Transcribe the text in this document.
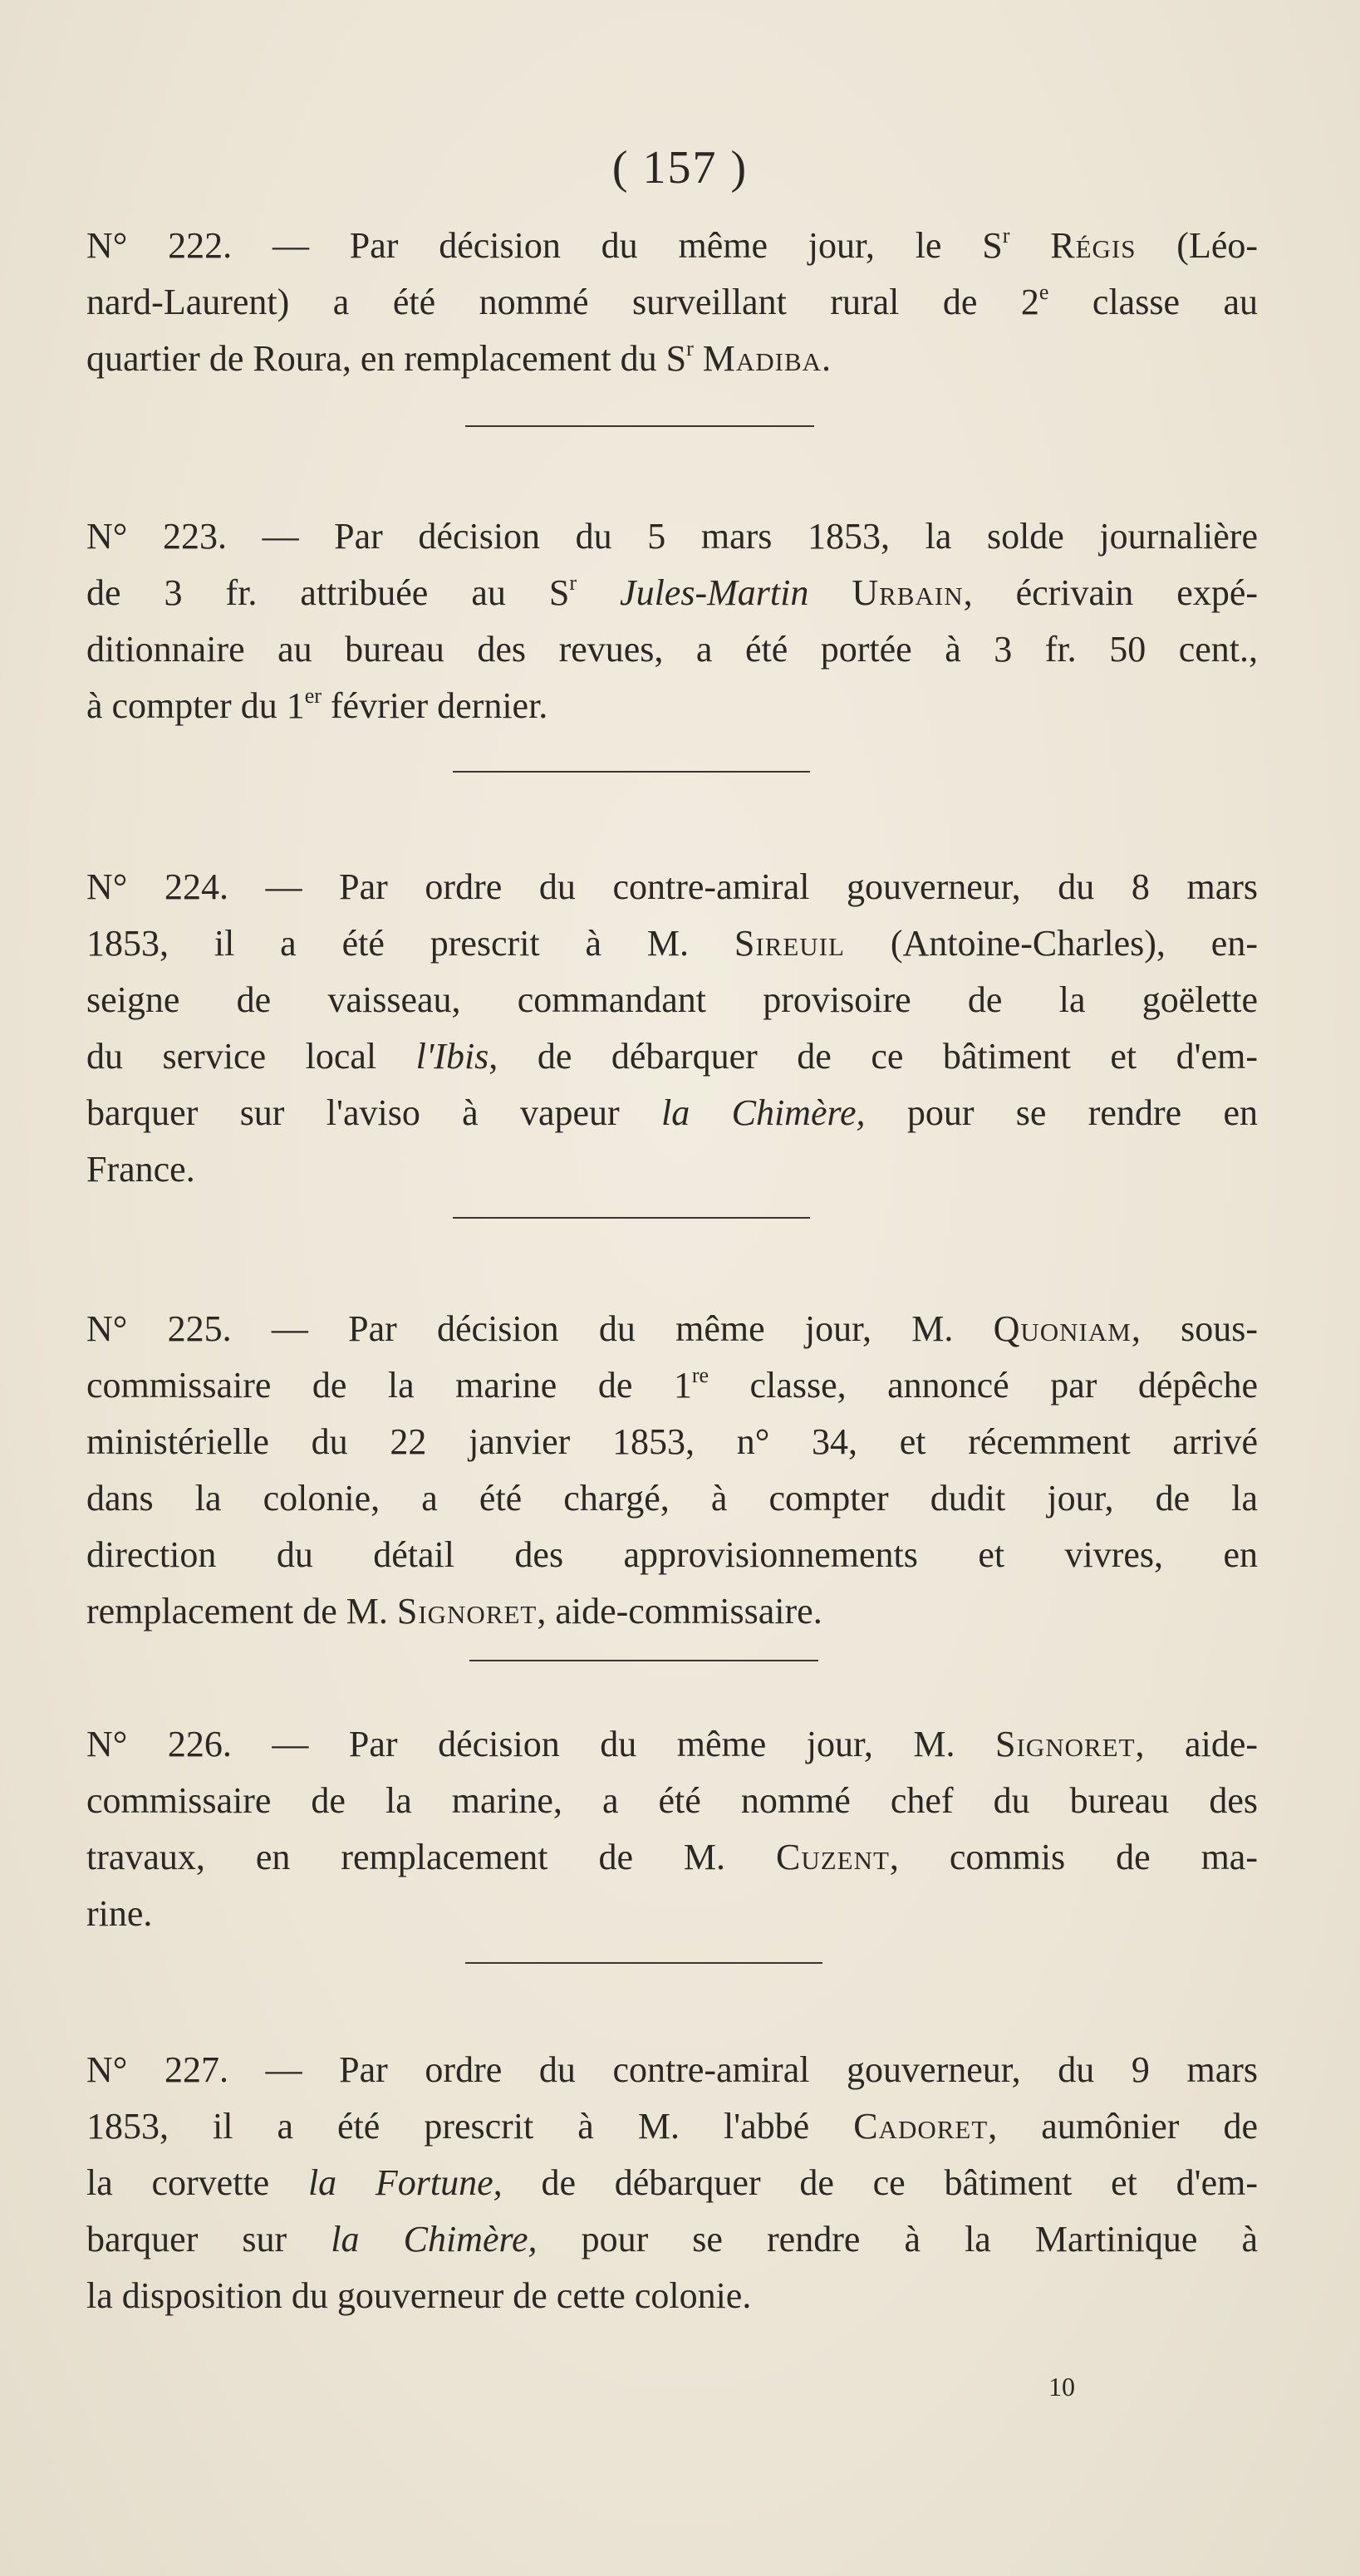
( 157 )
N° 222. — Par décision du même jour, le $S^r$ Régis (Léo-
nard-Laurent) a été nommé surveillant rural de 2e classe au
quartier de Roura, en remplacement du $S^r$ Madiba.
N° 223. — Par décision du 5 mars 1853, la solde journalière
de 3 fr. attribuée au $S^r$ Jules-Martin Urbain, écrivain expé-
ditionnaire au bureau des revues, a été portée à 3 fr. 50 cent.,
à compter du 1er février dernier.
N° 224. — Par ordre du contre-amiral gouverneur, du 8 mars
1853, il a été prescrit à M. Sireuil (Antoine-Charles), en-
seigne de vaisseau, commandant provisoire de la goëlette
du service local l'Ibis, de débarquer de ce bâtiment et d'em-
barquer sur l'aviso à vapeur la Chimère, pour se rendre en
France.
N° 225. — Par décision du même jour, M. Quoniam, sous-
commissaire de la marine de 1re classe, annoncé par dépêche
ministérielle du 22 janvier 1853, n° 34, et récemment arrivé
dans la colonie, a été chargé, à compter dudit jour, de la
direction du détail des approvisionnements et vivres, en
remplacement de M. Signoret, aide-commissaire.
N° 226. — Par décision du même jour, M. Signoret, aide-
commissaire de la marine, a été nommé chef du bureau des
travaux, en remplacement de M. Cuzent, commis de ma-
rine.
N° 227. — Par ordre du contre-amiral gouverneur, du 9 mars
1853, il a été prescrit à M. l'abbé Cadoret, aumônier de
la corvette la Fortune, de débarquer de ce bâtiment et d'em-
barquer sur la Chimère, pour se rendre à la Martinique à
la disposition du gouverneur de cette colonie.
10
